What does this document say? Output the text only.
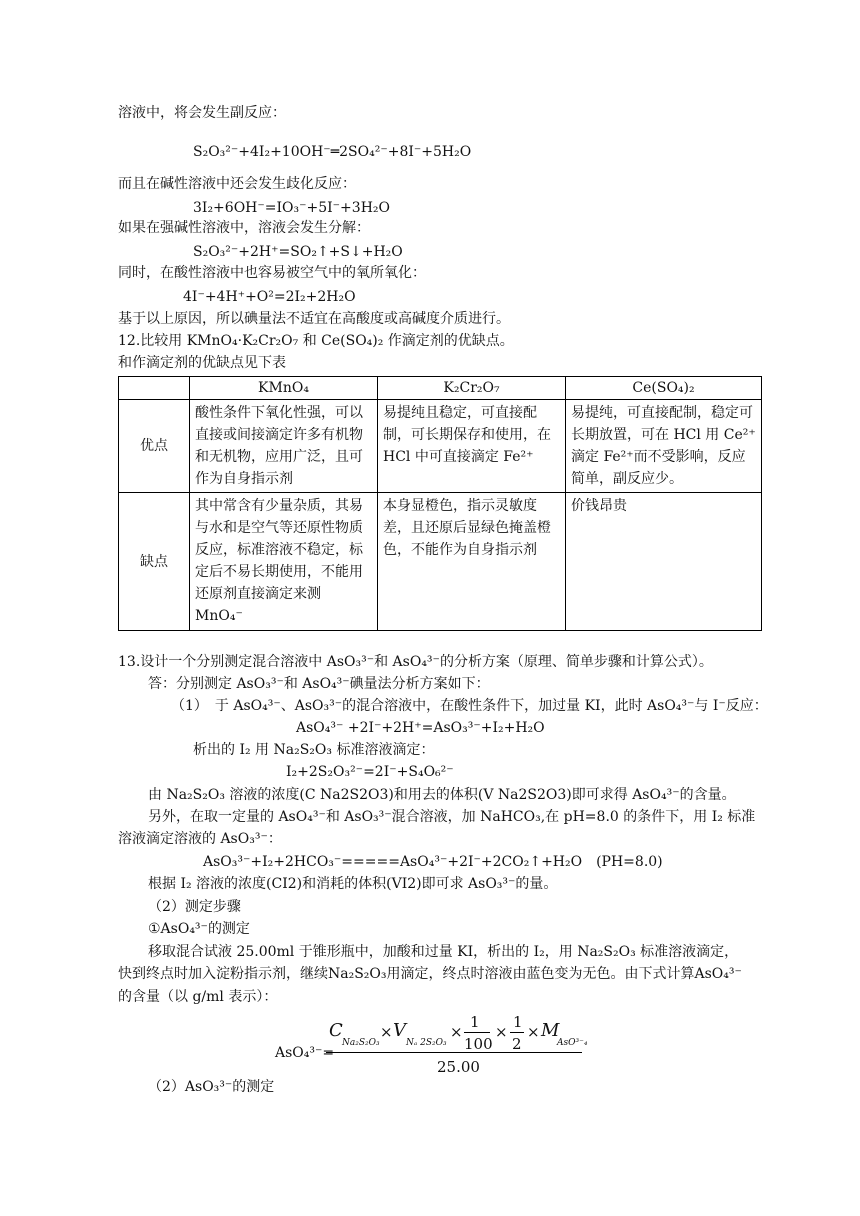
溶液中，将会发生副反应：
S₂O₃²⁻+4I₂+10OH⁻═2SO₄²⁻+8I⁻+5H₂O
而且在碱性溶液中还会发生歧化反应：
3I₂+6OH⁻=IO₃⁻+5I⁻+3H₂O
如果在强碱性溶液中，溶液会发生分解：
S₂O₃²⁻+2H⁺=SO₂↑+S↓+H₂O
同时，在酸性溶液中也容易被空气中的氧所氧化：
4I⁻+4H⁺+O²=2I₂+2H₂O
基于以上原因，所以碘量法不适宜在高酸度或高碱度介质进行。
12.比较用 KMnO₄·K₂Cr₂O₇ 和 Ce(SO₄)₂ 作滴定剂的优缺点。
和作滴定剂的优缺点见下表
	KMnO₄	K₂Cr₂O₇	Ce(SO₄)₂
优点	酸性条件下氧化性强，可以直接或间接滴定许多有机物和无机物，应用广泛，且可作为自身指示剂	易提纯且稳定，可直接配制，可长期保存和使用，在 HCl 中可直接滴定 Fe²⁺	易提纯，可直接配制，稳定可长期放置，可在 HCl 用 Ce²⁺滴定 Fe²⁺而不受影响，反应简单，副反应少。
缺点	其中常含有少量杂质，其易与水和是空气等还原性物质反应，标准溶液不稳定，标定后不易长期使用，不能用还原剂直接滴定来测 MnO₄⁻	本身显橙色，指示灵敏度差，且还原后显绿色掩盖橙色，不能作为自身指示剂	价钱昂贵
13.设计一个分别测定混合溶液中 AsO₃³⁻和 AsO₄³⁻的分析方案（原理、简单步骤和计算公式）。
答：分别测定 AsO₃³⁻和 AsO₄³⁻碘量法分析方案如下：
（1）　于 AsO₄³⁻、AsO₃³⁻的混合溶液中，在酸性条件下，加过量 KI，此时 AsO₄³⁻与 I⁻反应：
AsO₄³⁻ +2I⁻+2H⁺=AsO₃³⁻+I₂+H₂O
析出的 I₂ 用 Na₂S₂O₃ 标准溶液滴定：
I₂+2S₂O₃²⁻=2I⁻+S₄O₆²⁻
由 Na₂S₂O₃ 溶液的浓度(C Na2S2O3)和用去的体积(V Na2S2O3)即可求得 AsO₄³⁻的含量。
另外，在取一定量的 AsO₄³⁻和 AsO₃³⁻混合溶液，加 NaHCO₃,在 pH=8.0 的条件下，用 I₂ 标准
溶液滴定溶液的 AsO₃³⁻：
AsO₃³⁻+I₂+2HCO₃⁻=====AsO₄³⁻+2I⁻+2CO₂↑+H₂O　(PH=8.0)
根据 I₂ 溶液的浓度(CI2)和消耗的体积(VI2)即可求 AsO₃³⁻的量。
（2）测定步骤
①AsO₄³⁻的测定
移取混合试液 25.00ml 于锥形瓶中，加酸和过量 KI，析出的 I₂，用 Na₂S₂O₃ 标准溶液滴定，
快到终点时加入淀粉指示剂，继续Na₂S₂O₃用滴定，终点时溶液由蓝色变为无色。由下式计算AsO₄³⁻
的含量（以 g/ml 表示）：
AsO₄³⁻=
C
Na₂S₂O₃
× V
Nₐ 2S₂O₃
×
1
100
×
1
2
× M
AsO³⁻₄
25.00
（2）AsO₃³⁻的测定
